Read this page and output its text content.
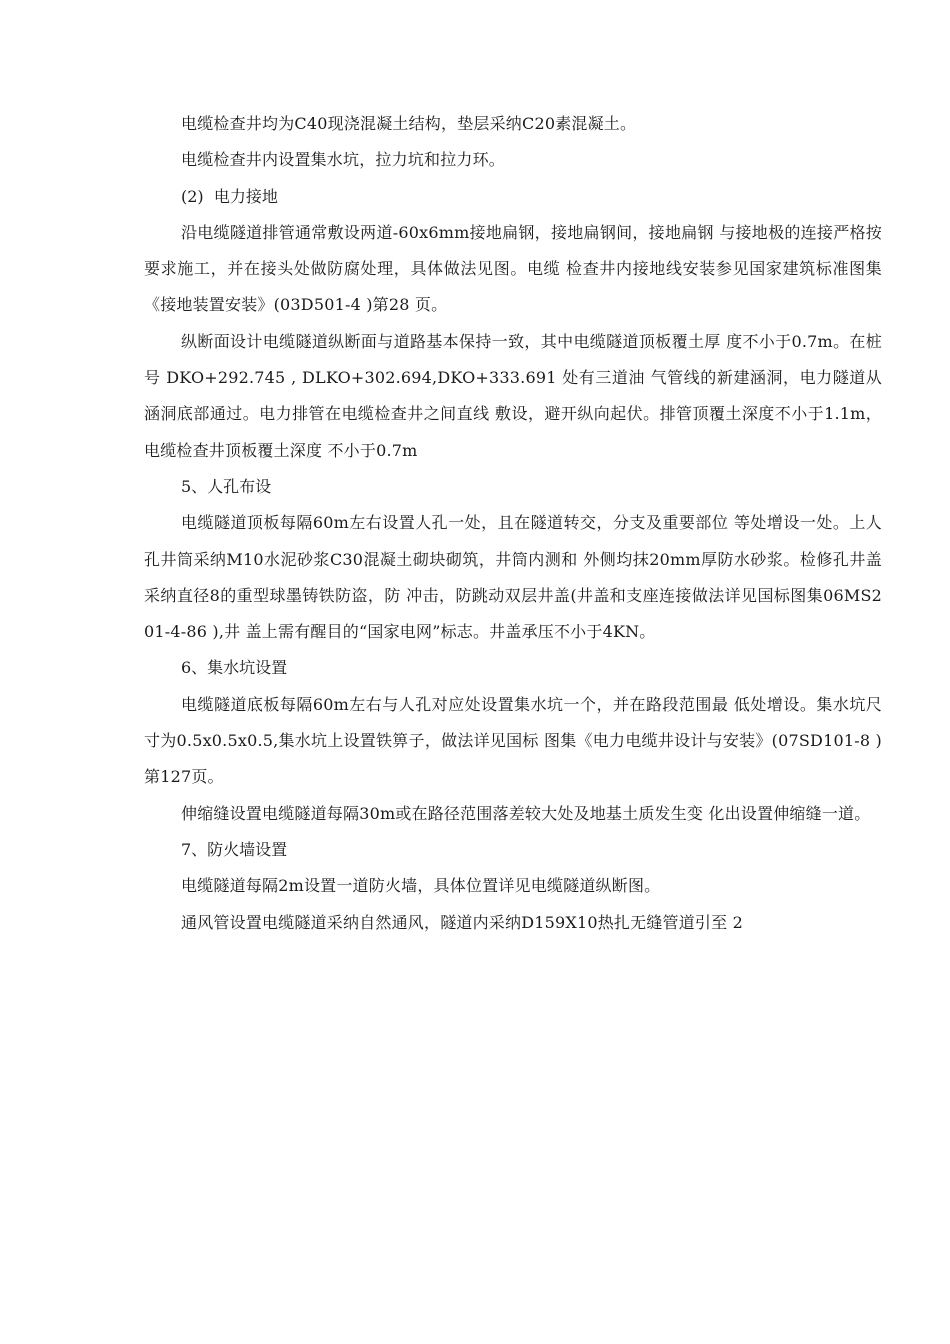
电缆检查井均为C40现浇混凝土结构，垫层采纳C20素混凝土。

电缆检查井内设置集水坑，拉力坑和拉力环。

(2)  电力接地

沿电缆隧道排管通常敷设两道-60x6mm接地扁钢，接地扁钢间，接地扁钢 与接地极的连接严格按要求施工，并在接头处做防腐处理，具体做法见图。电缆 检查井内接地线安装参见国家建筑标准图集《接地装置安装》(03D501-4 )第28 页。

纵断面设计电缆隧道纵断面与道路基本保持一致，其中电缆隧道顶板覆土厚 度不小于0.7m。在桩号 DKO+292.745 , DLKO+302.694,DKO+333.691 处有三道油 气管线的新建涵洞，电力隧道从涵洞底部通过。电力排管在电缆检查井之间直线 敷设，避开纵向起伏。排管顶覆土深度不小于1.1m，电缆检查井顶板覆土深度 不小于0.7m

5、人孔布设

电缆隧道顶板每隔60m左右设置人孔一处，且在隧道转交，分支及重要部位 等处增设一处。上人孔井筒采纳M10水泥砂浆C30混凝土砌块砌筑，井筒内测和 外侧均抹20mm厚防水砂浆。检修孔井盖采纳直径8的重型球墨铸铁防盗，防 冲击，防跳动双层井盖(井盖和支座连接做法详见国标图集06MS201-4-86 ),井 盖上需有醒目的“国家电网”标志。井盖承压不小于4KN。

6、集水坑设置

电缆隧道底板每隔60m左右与人孔对应处设置集水坑一个，并在路段范围最 低处增设。集水坑尺寸为0.5x0.5x0.5,集水坑上设置铁箅子，做法详见国标 图集《电力电缆井设计与安装》(07SD101-8 )第127页。

伸缩缝设置电缆隧道每隔30m或在路径范围落差较大处及地基土质发生变 化出设置伸缩缝一道。

7、防火墙设置

电缆隧道每隔2m设置一道防火墙，具体位置详见电缆隧道纵断图。

通风管设置电缆隧道采纳自然通风，隧道内采纳D159X10热扎无缝管道引至 2
